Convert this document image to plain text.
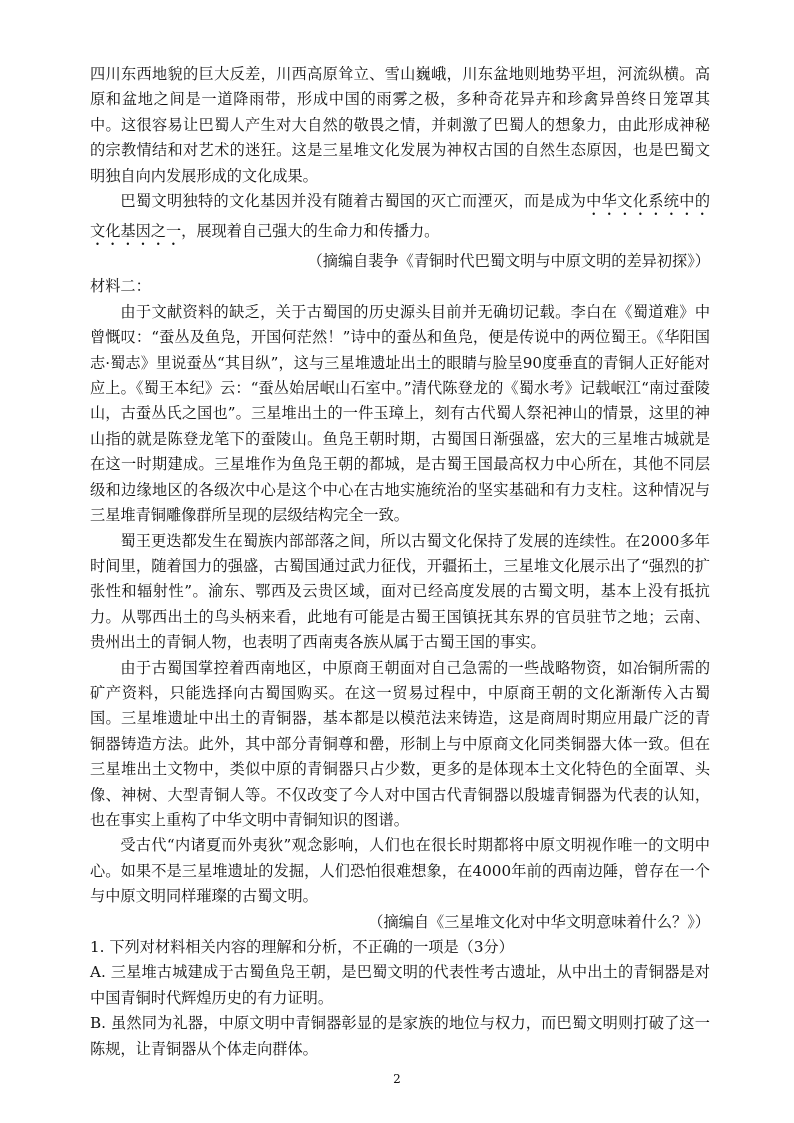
四川东西地貌的巨大反差，川西高原耸立、雪山巍峨，川东盆地则地势平坦，河流纵横。高原和盆地之间是一道降雨带，形成中国的雨雾之极，多种奇花异卉和珍禽异兽终日笼罩其中。这很容易让巴蜀人产生对大自然的敬畏之情，并刺激了巴蜀人的想象力，由此形成神秘的宗教情结和对艺术的迷狂。这是三星堆文化发展为神权古国的自然生态原因，也是巴蜀文明独自向内发展形成的文化成果。

巴蜀文明独特的文化基因并没有随着古蜀国的灭亡而湮灭，而是成为中华文化系统中的文化基因之一，展现着自己强大的生命力和传播力。

（摘编自裴争《青铜时代巴蜀文明与中原文明的差异初探》）

材料二：

由于文献资料的缺乏，关于古蜀国的历史源头目前并无确切记载。李白在《蜀道难》中曾慨叹：“蚕丛及鱼凫，开国何茫然！”诗中的蚕丛和鱼凫，便是传说中的两位蜀王。《华阳国志·蜀志》里说蚕丛“其目纵”，这与三星堆遗址出土的眼睛与脸呈90度垂直的青铜人正好能对应上。《蜀王本纪》云：“蚕丛始居岷山石室中。”清代陈登龙的《蜀水考》记载岷江“南过蚕陵山，古蚕丛氏之国也”。三星堆出土的一件玉璋上，刻有古代蜀人祭祀神山的情景，这里的神山指的就是陈登龙笔下的蚕陵山。鱼凫王朝时期，古蜀国日渐强盛，宏大的三星堆古城就是在这一时期建成。三星堆作为鱼凫王朝的都城，是古蜀王国最高权力中心所在，其他不同层级和边缘地区的各级次中心是这个中心在古地实施统治的坚实基础和有力支柱。这种情况与三星堆青铜雕像群所呈现的层级结构完全一致。

蜀王更迭都发生在蜀族内部部落之间，所以古蜀文化保持了发展的连续性。在2000多年时间里，随着国力的强盛，古蜀国通过武力征伐，开疆拓土，三星堆文化展示出了“强烈的扩张性和辐射性”。渝东、鄂西及云贵区域，面对已经高度发展的古蜀文明，基本上没有抵抗力。从鄂西出土的鸟头柄来看，此地有可能是古蜀王国镇抚其东界的官员驻节之地；云南、贵州出土的青铜人物，也表明了西南夷各族从属于古蜀王国的事实。

由于古蜀国掌控着西南地区，中原商王朝面对自己急需的一些战略物资，如冶铜所需的矿产资料，只能选择向古蜀国购买。在这一贸易过程中，中原商王朝的文化渐渐传入古蜀国。三星堆遗址中出土的青铜器，基本都是以模范法来铸造，这是商周时期应用最广泛的青铜器铸造方法。此外，其中部分青铜尊和罍，形制上与中原商文化同类铜器大体一致。但在三星堆出土文物中，类似中原的青铜器只占少数，更多的是体现本土文化特色的全面罩、头像、神树、大型青铜人等。不仅改变了今人对中国古代青铜器以殷墟青铜器为代表的认知，也在事实上重构了中华文明中青铜知识的图谱。

受古代“内诸夏而外夷狄”观念影响，人们也在很长时期都将中原文明视作唯一的文明中心。如果不是三星堆遗址的发掘，人们恐怕很难想象，在4000年前的西南边陲，曾存在一个与中原文明同样璀璨的古蜀文明。

（摘编自《三星堆文化对中华文明意味着什么？》）

1. 下列对材料相关内容的理解和分析，不正确的一项是（3分）

A. 三星堆古城建成于古蜀鱼凫王朝，是巴蜀文明的代表性考古遗址，从中出土的青铜器是对中国青铜时代辉煌历史的有力证明。

B. 虽然同为礼器，中原文明中青铜器彰显的是家族的地位与权力，而巴蜀文明则打破了这一陈规，让青铜器从个体走向群体。

2
